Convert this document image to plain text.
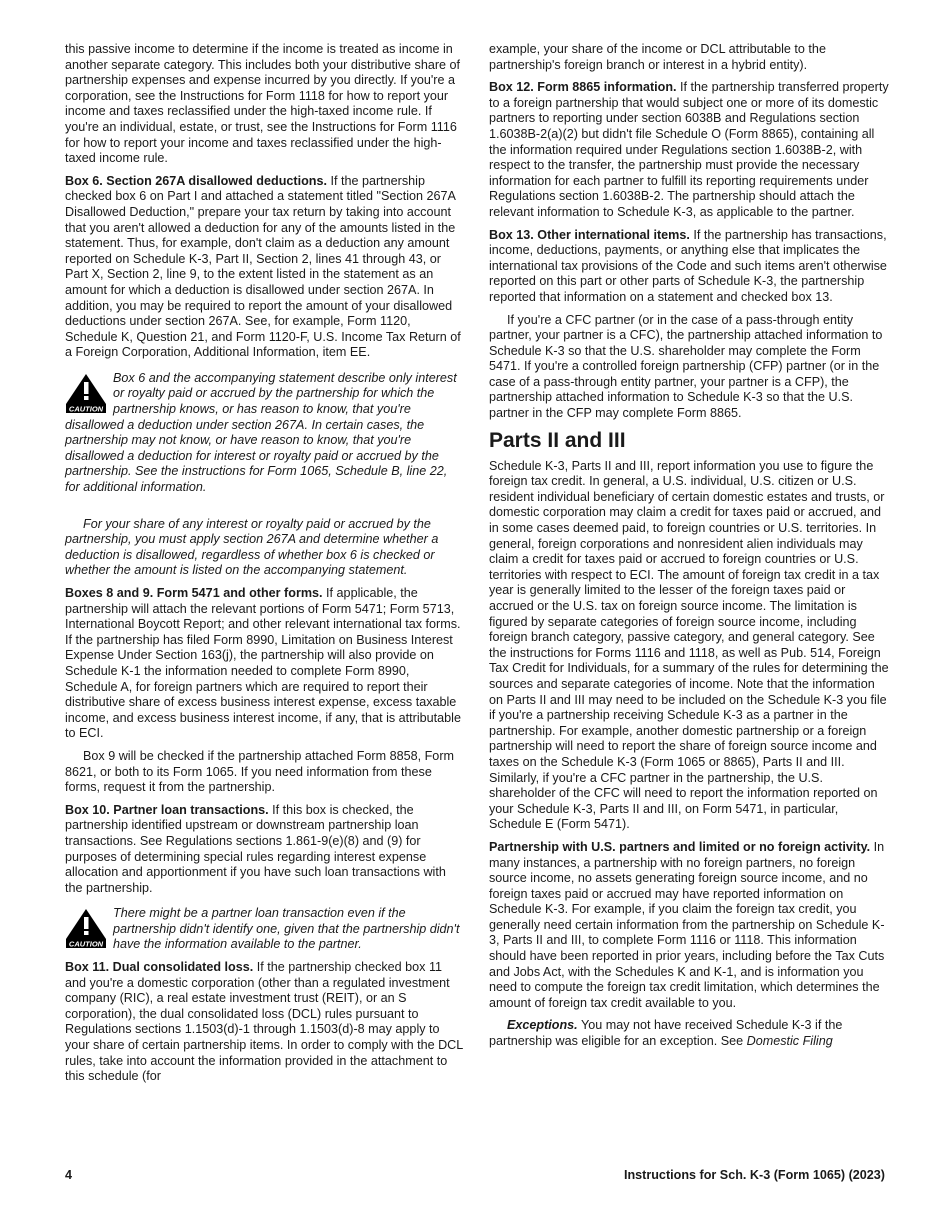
this passive income to determine if the income is treated as income in another separate category. This includes both your distributive share of partnership expenses and expense incurred by you directly. If you're a corporation, see the Instructions for Form 1118 for how to report your income and taxes reclassified under the high-taxed income rule. If you're an individual, estate, or trust, see the Instructions for Form 1116 for how to report your income and taxes reclassified under the high-taxed income rule.

Box 6. Section 267A disallowed deductions. If the partnership checked box 6 on Part I and attached a statement titled "Section 267A Disallowed Deduction," prepare your tax return by taking into account that you aren't allowed a deduction for any of the amounts listed in the statement. Thus, for example, don't claim as a deduction any amount reported on Schedule K-3, Part II, Section 2, lines 41 through 43, or Part X, Section 2, line 9, to the extent listed in the statement as an amount for which a deduction is disallowed under section 267A. In addition, you may be required to report the amount of your disallowed deductions under section 267A. See, for example, Form 1120, Schedule K, Question 21, and Form 1120-F, U.S. Income Tax Return of a Foreign Corporation, Additional Information, item EE.

CAUTION
Box 6 and the accompanying statement describe only interest or royalty paid or accrued by the partnership for which the partnership knows, or has reason to know, that you're disallowed a deduction under section 267A. In certain cases, the partnership may not know, or have reason to know, that you're disallowed a deduction for interest or royalty paid or accrued by the partnership. See the instructions for Form 1065, Schedule B, line 22, for additional information.

For your share of any interest or royalty paid or accrued by the partnership, you must apply section 267A and determine whether a deduction is disallowed, regardless of whether box 6 is checked or whether the amount is listed on the accompanying statement.

Boxes 8 and 9. Form 5471 and other forms. If applicable, the partnership will attach the relevant portions of Form 5471; Form 5713, International Boycott Report; and other relevant international tax forms. If the partnership has filed Form 8990, Limitation on Business Interest Expense Under Section 163(j), the partnership will also provide on Schedule K-1 the information needed to complete Form 8990, Schedule A, for foreign partners which are required to report their distributive share of excess business interest expense, excess taxable income, and excess business interest income, if any, that is attributable to ECI.

Box 9 will be checked if the partnership attached Form 8858, Form 8621, or both to its Form 1065. If you need information from these forms, request it from the partnership.

Box 10. Partner loan transactions. If this box is checked, the partnership identified upstream or downstream partnership loan transactions. See Regulations sections 1.861-9(e)(8) and (9) for purposes of determining special rules regarding interest expense allocation and apportionment if you have such loan transactions with the partnership.

CAUTION
There might be a partner loan transaction even if the partnership didn't identify one, given that the partnership didn't have the information available to the partner.

Box 11. Dual consolidated loss. If the partnership checked box 11 and you're a domestic corporation (other than a regulated investment company (RIC), a real estate investment trust (REIT), or an S corporation), the dual consolidated loss (DCL) rules pursuant to Regulations sections 1.1503(d)-1 through 1.1503(d)-8 may apply to your share of certain partnership items. In order to comply with the DCL rules, take into account the information provided in the attachment to this schedule (for

example, your share of the income or DCL attributable to the partnership's foreign branch or interest in a hybrid entity).

Box 12. Form 8865 information. If the partnership transferred property to a foreign partnership that would subject one or more of its domestic partners to reporting under section 6038B and Regulations section 1.6038B-2(a)(2) but didn't file Schedule O (Form 8865), containing all the information required under Regulations section 1.6038B-2, with respect to the transfer, the partnership must provide the necessary information for each partner to fulfill its reporting requirements under Regulations section 1.6038B-2. The partnership should attach the relevant information to Schedule K-3, as applicable to the partner.

Box 13. Other international items. If the partnership has transactions, income, deductions, payments, or anything else that implicates the international tax provisions of the Code and such items aren't otherwise reported on this part or other parts of Schedule K-3, the partnership reported that information on a statement and checked box 13.

If you're a CFC partner (or in the case of a pass-through entity partner, your partner is a CFC), the partnership attached information to Schedule K-3 so that the U.S. shareholder may complete the Form 5471. If you're a controlled foreign partnership (CFP) partner (or in the case of a pass-through entity partner, your partner is a CFP), the partnership attached information to Schedule K-3 so that the U.S. partner in the CFP may complete Form 8865.

Parts II and III

Schedule K-3, Parts II and III, report information you use to figure the foreign tax credit. In general, a U.S. individual, U.S. citizen or U.S. resident individual beneficiary of certain domestic estates and trusts, or domestic corporation may claim a credit for taxes paid or accrued, and in some cases deemed paid, to foreign countries or U.S. territories. In general, foreign corporations and nonresident alien individuals may claim a credit for taxes paid or accrued to foreign countries or U.S. territories with respect to ECI. The amount of foreign tax credit in a tax year is generally limited to the lesser of the foreign taxes paid or accrued or the U.S. tax on foreign source income. The limitation is figured by separate categories of foreign source income, including foreign branch category, passive category, and general category. See the instructions for Forms 1116 and 1118, as well as Pub. 514, Foreign Tax Credit for Individuals, for a summary of the rules for determining the sources and separate categories of income. Note that the information on Parts II and III may need to be included on the Schedule K-3 you file if you're a partnership receiving Schedule K-3 as a partner in the partnership. For example, another domestic partnership or a foreign partnership will need to report the share of foreign source income and taxes on the Schedule K-3 (Form 1065 or 8865), Parts II and III. Similarly, if you're a CFC partner in the partnership, the U.S. shareholder of the CFC will need to report the information reported on your Schedule K-3, Parts II and III, on Form 5471, in particular, Schedule E (Form 5471).

Partnership with U.S. partners and limited or no foreign activity. In many instances, a partnership with no foreign partners, no foreign source income, no assets generating foreign source income, and no foreign taxes paid or accrued may have reported information on Schedule K-3. For example, if you claim the foreign tax credit, you generally need certain information from the partnership on Schedule K-3, Parts II and III, to complete Form 1116 or 1118. This information should have been reported in prior years, including before the Tax Cuts and Jobs Act, with the Schedules K and K-1, and is information you need to compute the foreign tax credit limitation, which determines the amount of foreign tax credit available to you.

Exceptions. You may not have received Schedule K-3 if the partnership was eligible for an exception. See Domestic Filing

4	Instructions for Sch. K-3 (Form 1065) (2023)
